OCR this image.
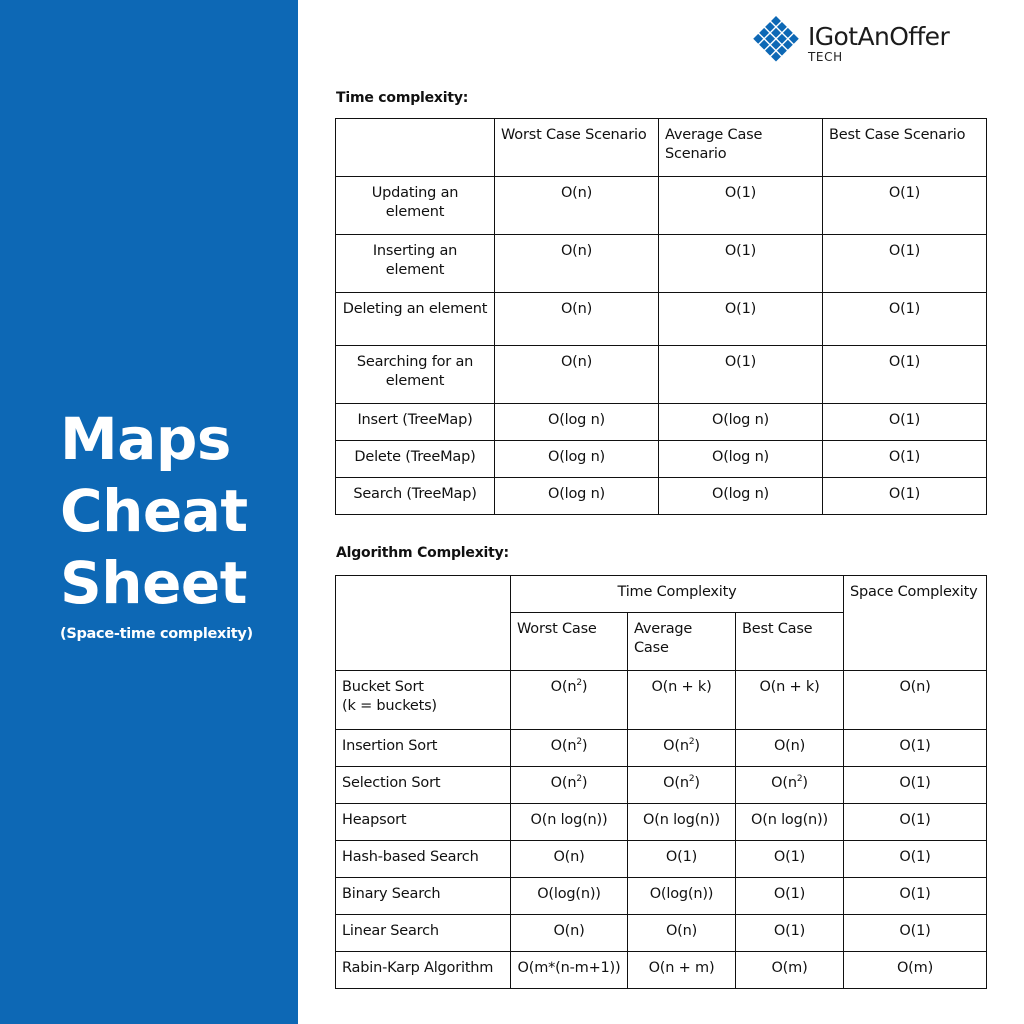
Maps
Cheat
Sheet

(Space-time complexity)

IGotAnOffer
TECH

Time complexity:

	Worst Case Scenario	Average Case Scenario	Best Case Scenario
Updating an element	O(n)	O(1)	O(1)
Inserting an element	O(n)	O(1)	O(1)
Deleting an element	O(n)	O(1)	O(1)
Searching for an element	O(n)	O(1)	O(1)
Insert (TreeMap)	O(log n)	O(log n)	O(1)
Delete (TreeMap)	O(log n)	O(log n)	O(1)
Search (TreeMap)	O(log n)	O(log n)	O(1)

Algorithm Complexity:

	Time Complexity			Space Complexity
	Worst Case	Average Case	Best Case	
Bucket Sort
(k = buckets)	$O(n^2)$	O(n + k)	O(n + k)	O(n)
Insertion Sort	$O(n^2)$	$O(n^2)$	O(n)	O(1)
Selection Sort	$O(n^2)$	$O(n^2)$	$O(n^2)$	O(1)
Heapsort	O(n log(n))	O(n log(n))	O(n log(n))	O(1)
Hash-based Search	O(n)	O(1)	O(1)	O(1)
Binary Search	O(log(n))	O(log(n))	O(1)	O(1)
Linear Search	O(n)	O(n)	O(1)	O(1)
Rabin-Karp Algorithm	O(m*(n-m+1))	O(n + m)	O(m)	O(m)
